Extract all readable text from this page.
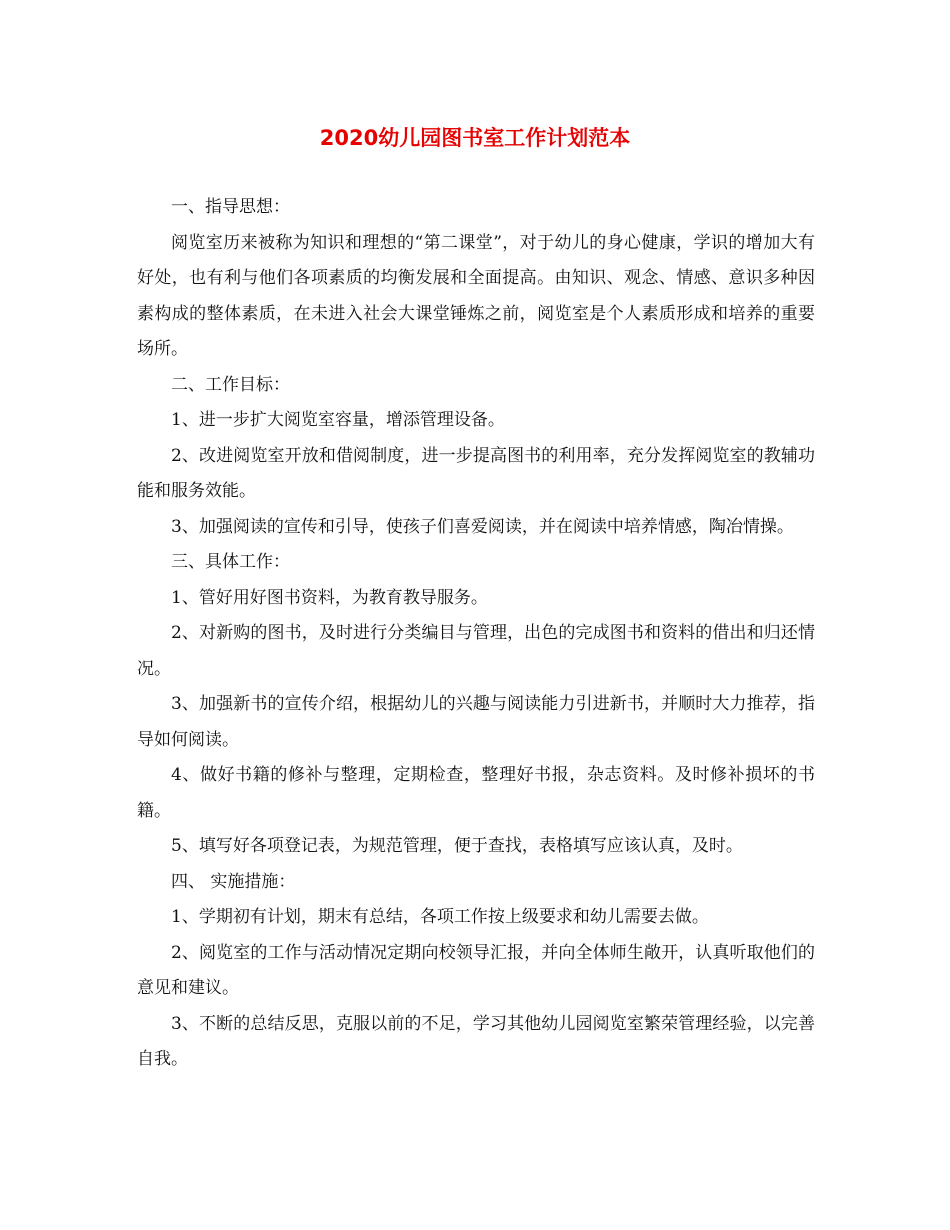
2020幼儿园图书室工作计划范本

一、指导思想：

阅览室历来被称为知识和理想的“第二课堂”，对于幼儿的身心健康，学识的增加大有好处，也有利与他们各项素质的均衡发展和全面提高。由知识、观念、情感、意识多种因素构成的整体素质，在未进入社会大课堂锤炼之前，阅览室是个人素质形成和培养的重要场所。

二、工作目标：

1、进一步扩大阅览室容量，增添管理设备。

2、改进阅览室开放和借阅制度，进一步提高图书的利用率，充分发挥阅览室的教辅功能和服务效能。

3、加强阅读的宣传和引导，使孩子们喜爱阅读，并在阅读中培养情感，陶冶情操。

三、具体工作：

1、管好用好图书资料，为教育教导服务。

2、对新购的图书，及时进行分类编目与管理，出色的完成图书和资料的借出和归还情况。

3、加强新书的宣传介绍，根据幼儿的兴趣与阅读能力引进新书，并顺时大力推荐，指导如何阅读。

4、做好书籍的修补与整理，定期检查，整理好书报，杂志资料。及时修补损坏的书籍。

5、填写好各项登记表，为规范管理，便于查找，表格填写应该认真，及时。

四、 实施措施：

1、学期初有计划，期末有总结，各项工作按上级要求和幼儿需要去做。

2、阅览室的工作与活动情况定期向校领导汇报，并向全体师生敞开，认真听取他们的意见和建议。

3、不断的总结反思，克服以前的不足，学习其他幼儿园阅览室繁荣管理经验，以完善自我。
